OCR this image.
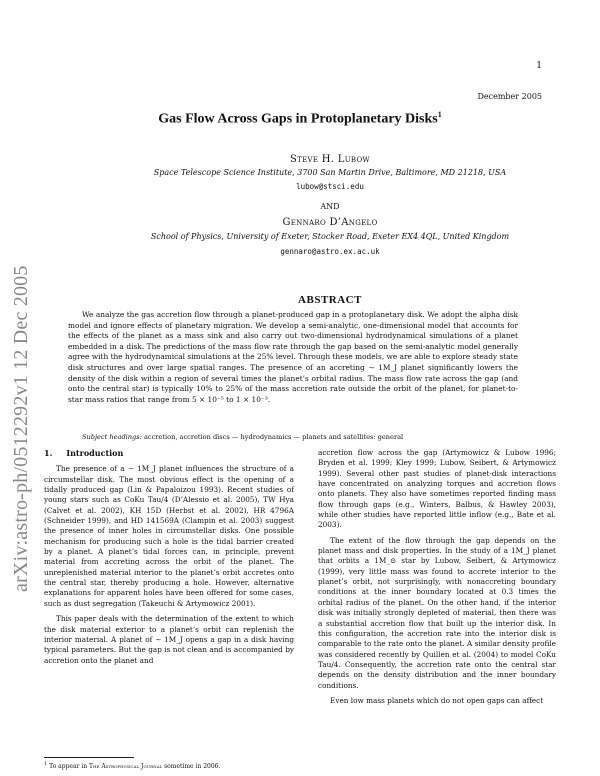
1
December 2005
arXiv:astro-ph/0512292v1 12 Dec 2005
Gas Flow Across Gaps in Protoplanetary Disks$^1$
Steve H. Lubow
Space Telescope Science Institute, 3700 San Martin Drive, Baltimore, MD 21218, USA
lubow@stsci.edu
AND
Gennaro D’Angelo
School of Physics, University of Exeter, Stocker Road, Exeter EX4 4QL, United Kingdom
gennaro@astro.ex.ac.uk
ABSTRACT
We analyze the gas accretion flow through a planet-produced gap in a protoplanetary disk. We adopt the alpha disk model and ignore effects of planetary migration. We develop a semi-analytic, one-dimensional model that accounts for the effects of the planet as a mass sink and also carry out two-dimensional hydrodynamical simulations of a planet embedded in a disk. The predictions of the mass flow rate through the gap based on the semi-analytic model generally agree with the hydrodynamical simulations at the 25% level. Through these models, we are able to explore steady state disk structures and over large spatial ranges. The presence of an accreting ∼ 1M_J planet significantly lowers the density of the disk within a region of several times the planet’s orbital radius. The mass flow rate across the gap (and onto the central star) is typically 10% to 25% of the mass accretion rate outside the orbit of the planet, for planet-to-star mass ratios that range from 5 × 10⁻⁵ to 1 × 10⁻³.
Subject headings: accretion, accretion discs — hydrodynamics — planets and satellites: general
1. Introduction

The presence of a ∼ 1M_J planet influences the structure of a circumstellar disk. The most obvious effect is the opening of a tidally produced gap (Lin & Papaloizou 1993). Recent studies of young stars such as CoKu Tau/4 (D’Alessio et al. 2005), TW Hya (Calvet et al. 2002), KH 15D (Herbst et al. 2002), HR 4796A (Schneider 1999), and HD 141569A (Clampin et al. 2003) suggest the presence of inner holes in circumstellar disks. One possible mechanism for producing such a hole is the tidal barrier created by a planet. A planet’s tidal forces can, in principle, prevent material from accreting across the orbit of the planet. The unreplenished material interior to the planet’s orbit accretes onto the central star, thereby producing a hole. However, alternative explanations for apparent holes have been offered for some cases, such as dust segregation (Takeuchi & Artymowicz 2001).

This paper deals with the determination of the extent to which the disk material exterior to a planet’s orbit can replenish the interior material. A planet of ∼ 1M_J opens a gap in a disk having typical parameters. But the gap is not clean and is accompanied by accretion onto the planet and

accretion flow across the gap (Artymowicz & Lubow 1996; Bryden et al. 1999; Kley 1999; Lubow, Seibert, & Artymowicz 1999). Several other past studies of planet-disk interactions have concentrated on analyzing torques and accretion flows onto planets. They also have sometimes reported finding mass flow through gaps (e.g., Winters, Balbus, & Hawley 2003), while other studies have reported little inflow (e.g., Bate et al. 2003).

The extent of the flow through the gap depends on the planet mass and disk properties. In the study of a 1M_J planet that orbits a 1M_⊙ star by Lubow, Seibert, & Artymowicz (1999), very little mass was found to accrete interior to the planet’s orbit, not surprisingly, with nonaccreting boundary conditions at the inner boundary located at 0.3 times the orbital radius of the planet. On the other hand, if the interior disk was initially strongly depleted of material, then there was a substantial accretion flow that built up the interior disk. In this configuration, the accretion rate into the interior disk is comparable to the rate onto the planet. A similar density profile was considered recently by Quillen et al. (2004) to model CoKu Tau/4. Consequently, the accretion rate onto the central star depends on the density distribution and the inner boundary conditions.

Even low mass planets which do not open gaps can affect

$^1$ To appear in The Astrophysical Journal sometime in 2006.
